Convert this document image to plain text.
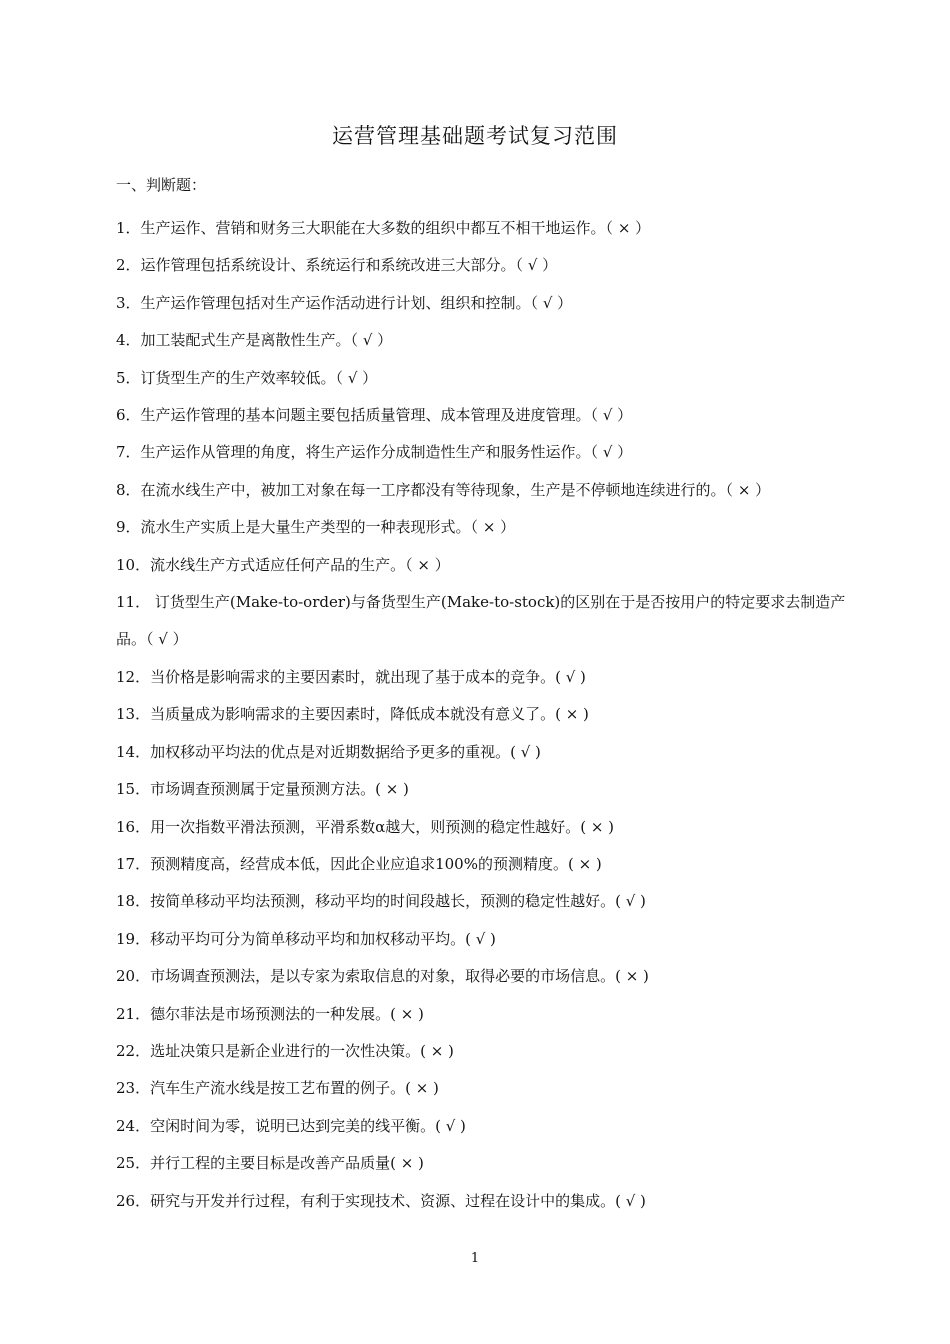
运营管理基础题考试复习范围
一、判断题：
1．生产运作、营销和财务三大职能在大多数的组织中都互不相干地运作。（ × ）
2．运作管理包括系统设计、系统运行和系统改进三大部分。（ √ ）
3．生产运作管理包括对生产运作活动进行计划、组织和控制。（ √ ）
4．加工装配式生产是离散性生产。（ √ ）
5．订货型生产的生产效率较低。（ √ ）
6．生产运作管理的基本问题主要包括质量管理、成本管理及进度管理。（ √ ）
7．生产运作从管理的角度，将生产运作分成制造性生产和服务性运作。（ √ ）
8．在流水线生产中，被加工对象在每一工序都没有等待现象，生产是不停顿地连续进行的。（ × ）
9．流水生产实质上是大量生产类型的一种表现形式。（ × ）
10．流水线生产方式适应任何产品的生产。（ × ）
11． 订货型生产(Make-to-order)与备货型生产(Make-to-stock)的区别在于是否按用户的特定要求去制造产品。（ √ ）
12．当价格是影响需求的主要因素时，就出现了基于成本的竞争。( √ )
13．当质量成为影响需求的主要因素时，降低成本就没有意义了。( × )
14．加权移动平均法的优点是对近期数据给予更多的重视。( √ )
15．市场调查预测属于定量预测方法。( × )
16．用一次指数平滑法预测，平滑系数α越大，则预测的稳定性越好。( × )
17．预测精度高，经营成本低，因此企业应追求100%的预测精度。( × )
18．按简单移动平均法预测，移动平均的时间段越长，预测的稳定性越好。( √ )
19．移动平均可分为简单移动平均和加权移动平均。( √ )
20．市场调查预测法，是以专家为索取信息的对象，取得必要的市场信息。( × )
21．德尔菲法是市场预测法的一种发展。( × )
22．选址决策只是新企业进行的一次性决策。( × )
23．汽车生产流水线是按工艺布置的例子。( × )
24．空闲时间为零，说明已达到完美的线平衡。( √ )
25．并行工程的主要目标是改善产品质量( × )
26．研究与开发并行过程，有利于实现技术、资源、过程在设计中的集成。( √ )
1
